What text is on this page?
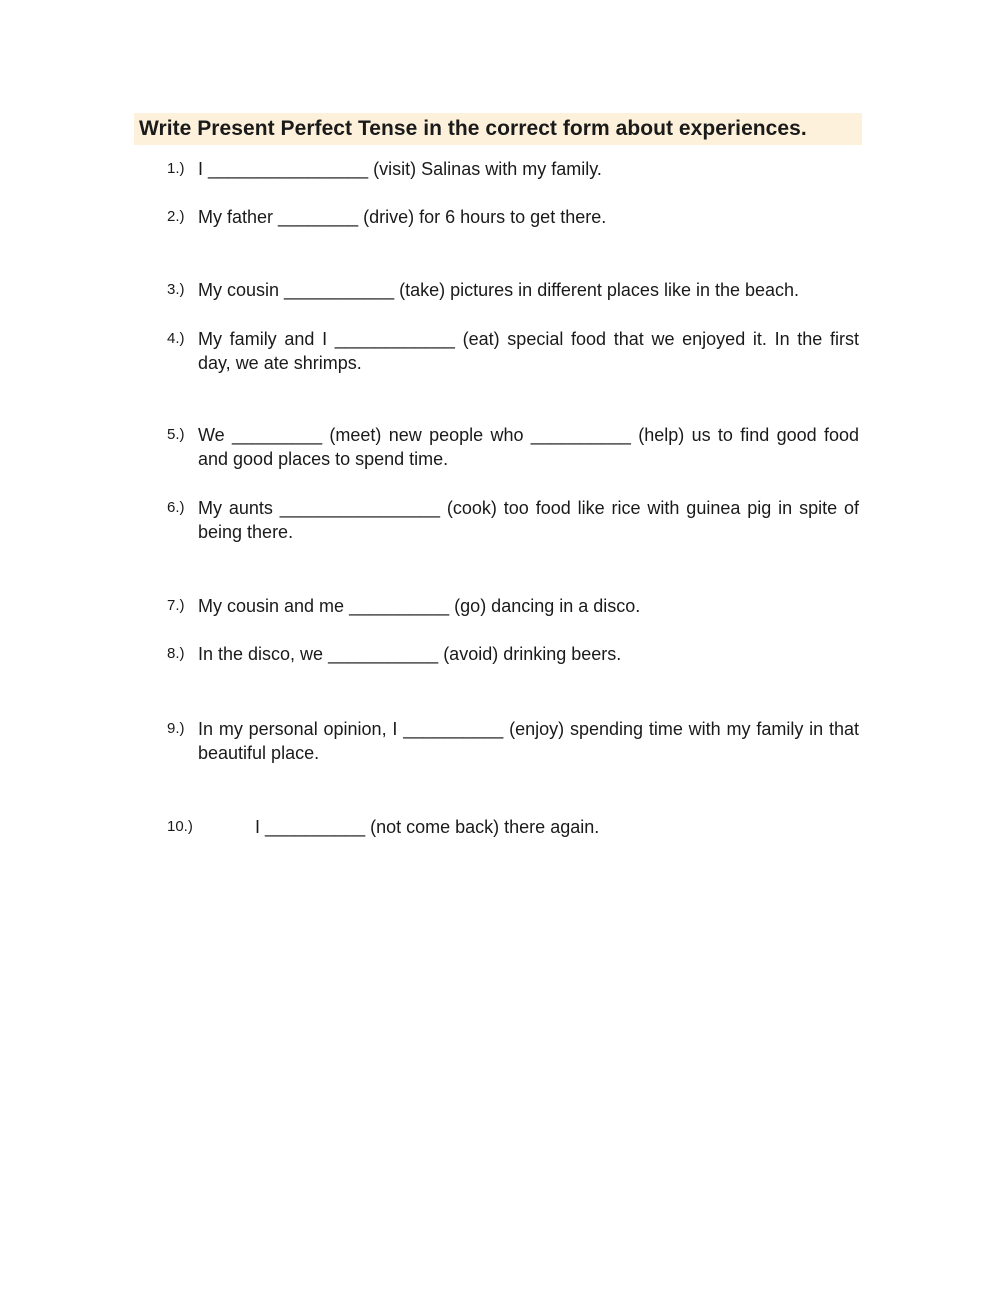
Write Present Perfect Tense in the correct form about experiences.
1.) I ________________ (visit) Salinas with my family.
2.) My father ________ (drive) for 6 hours to get there.
3.) My cousin ___________ (take) pictures in different places like in the beach.
4.) My family and I ____________ (eat) special food that we enjoyed it. In the first day, we ate shrimps.
5.) We _________ (meet) new people who __________ (help) us to find good food and good places to spend time.
6.) My aunts ________________ (cook) too food like rice with guinea pig in spite of being there.
7.) My cousin and me __________ (go) dancing in a disco.
8.) In the disco, we ___________ (avoid) drinking beers.
9.) In my personal opinion, I __________ (enjoy) spending time with my family in that beautiful place.
10.)	I __________ (not come back) there again.
